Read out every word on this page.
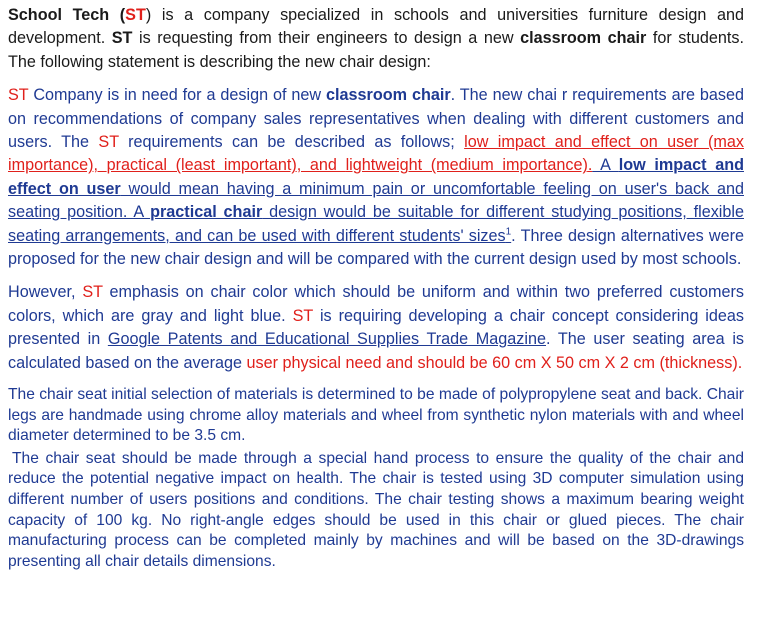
School Tech (ST) is a company specialized in schools and universities furniture design and development. ST is requesting from their engineers to design a new classroom chair for students. The following statement is describing the new chair design:

ST Company is in need for a design of new classroom chair. The new chai r requirements are based on recommendations of company sales representatives when dealing with different customers and users. The ST requirements can be described as follows; low impact and effect on user (max importance), practical (least important), and lightweight (medium importance). A low impact and effect on user would mean having a minimum pain or uncomfortable feeling on user's back and seating position. A practical chair design would be suitable for different studying positions, flexible seating arrangements, and can be used with different students' sizes$^1$. Three design alternatives were proposed for the new chair design and will be compared with the current design used by most schools.

However, ST emphasis on chair color which should be uniform and within two preferred customers colors, which are gray and light blue. ST is requiring developing a chair concept considering ideas presented in Google Patents and Educational Supplies Trade Magazine. The user seating area is calculated based on the average user physical need and should be 60 cm X 50 cm X 2 cm (thickness).

The chair seat initial selection of materials is determined to be made of polypropylene seat and back. Chair legs are handmade using chrome alloy materials and wheel from synthetic nylon materials with and wheel diameter determined to be 3.5 cm.

The chair seat should be made through a special hand process to ensure the quality of the chair and reduce the potential negative impact on health. The chair is tested using 3D computer simulation using different number of users positions and conditions. The chair testing shows a maximum bearing weight capacity of 100 kg. No right-angle edges should be used in this chair or glued pieces. The chair manufacturing process can be completed mainly by machines and will be based on the 3D-drawings presenting all chair details dimensions.
